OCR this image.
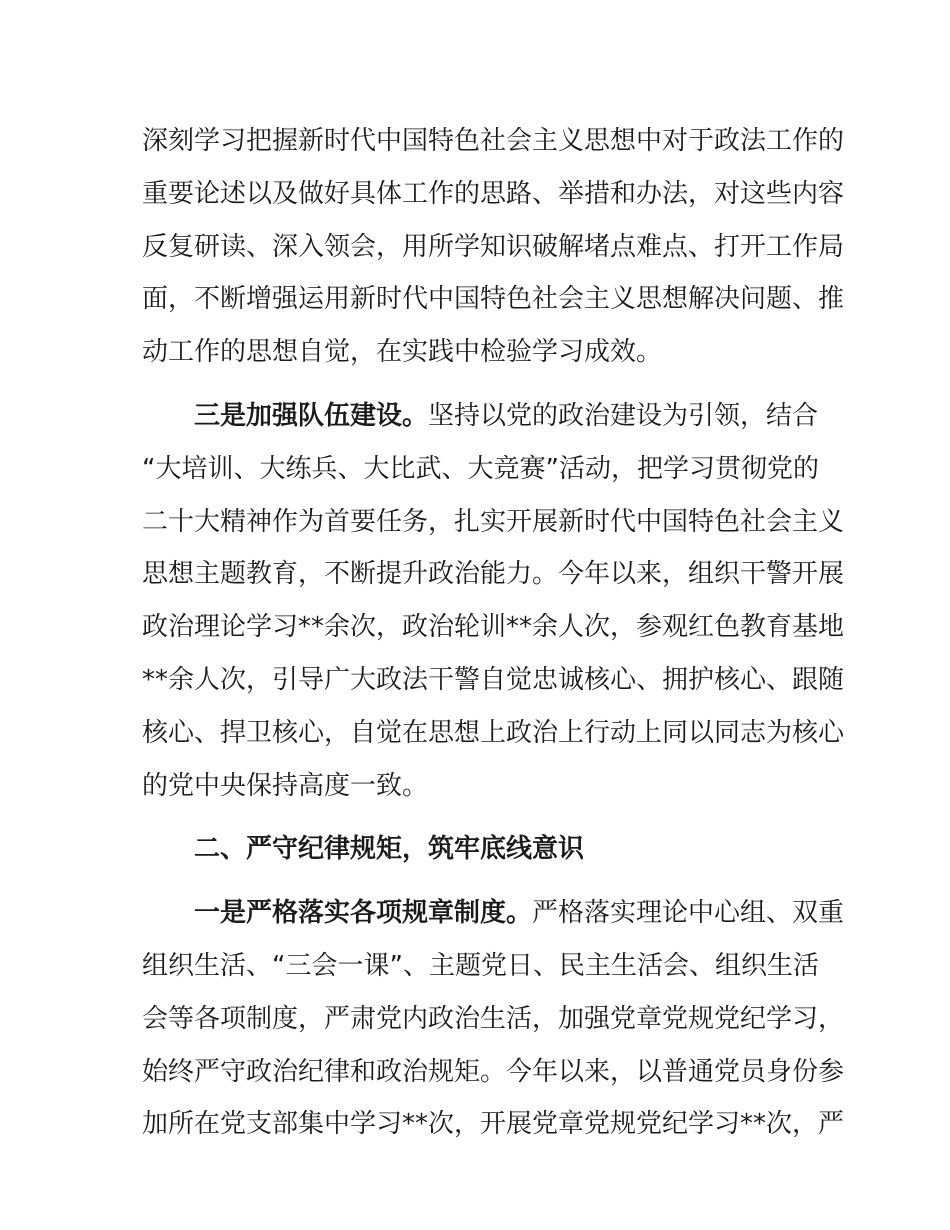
深刻学习把握新时代中国特色社会主义思想中对于政法工作的
重要论述以及做好具体工作的思路、举措和办法，对这些内容
反复研读、深入领会，用所学知识破解堵点难点、打开工作局
面，不断增强运用新时代中国特色社会主义思想解决问题、推
动工作的思想自觉，在实践中检验学习成效。
三是加强队伍建设。坚持以党的政治建设为引领，结合
“大培训、大练兵、大比武、大竞赛”活动，把学习贯彻党的
二十大精神作为首要任务，扎实开展新时代中国特色社会主义
思想主题教育，不断提升政治能力。今年以来，组织干警开展
政治理论学习**余次，政治轮训**余人次，参观红色教育基地
**余人次，引导广大政法干警自觉忠诚核心、拥护核心、跟随
核心、捍卫核心，自觉在思想上政治上行动上同以同志为核心
的党中央保持高度一致。
二、严守纪律规矩，筑牢底线意识
一是严格落实各项规章制度。严格落实理论中心组、双重
组织生活、“三会一课”、主题党日、民主生活会、组织生活
会等各项制度，严肃党内政治生活，加强党章党规党纪学习，
始终严守政治纪律和政治规矩。今年以来，以普通党员身份参
加所在党支部集中学习**次，开展党章党规党纪学习**次，严
